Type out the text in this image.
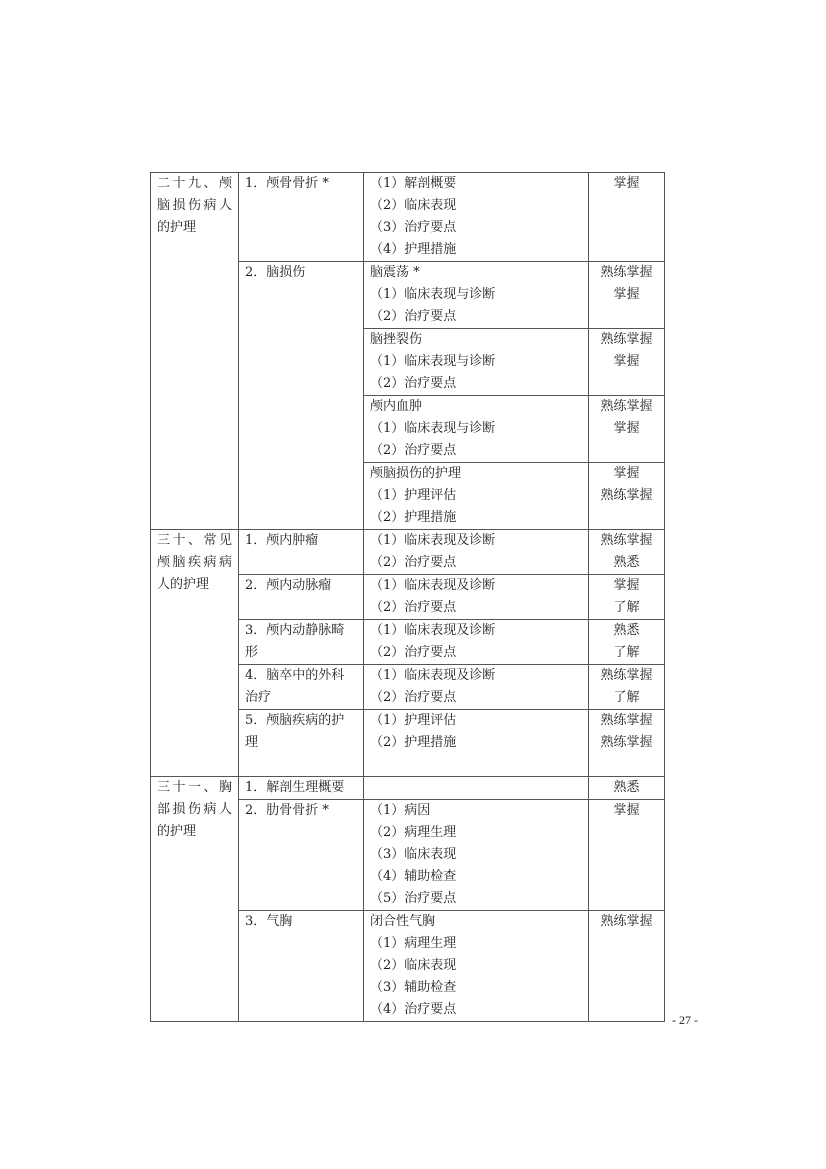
二十九、颅脑损伤病人的护理	1．颅骨骨折 *	（1）解剖概要
（2）临床表现
（3）治疗要点
（4）护理措施	掌握

	2．脑损伤	脑震荡 *
（1）临床表现与诊断
（2）治疗要点	熟练掌握
掌握

		脑挫裂伤
（1）临床表现与诊断
（2）治疗要点	熟练掌握
掌握

		颅内血肿
（1）临床表现与诊断
（2）治疗要点	熟练掌握
掌握

		颅脑损伤的护理
（1）护理评估
（2）护理措施	掌握
熟练掌握

三十、常见颅脑疾病病人的护理	1．颅内肿瘤	（1）临床表现及诊断
（2）治疗要点	熟练掌握
熟悉

	2．颅内动脉瘤	（1）临床表现及诊断
（2）治疗要点	掌握
了解

	3．颅内动静脉畸形	（1）临床表现及诊断
（2）治疗要点	熟悉
了解

	4．脑卒中的外科治疗	（1）临床表现及诊断
（2）治疗要点	熟练掌握
了解

	5．颅脑疾病的护理	（1）护理评估
（2）护理措施	熟练掌握
熟练掌握

三十一、胸部损伤病人的护理	1．解剖生理概要		熟悉

	2．肋骨骨折 *	（1）病因
（2）病理生理
（3）临床表现
（4）辅助检查
（5）治疗要点	掌握

	3．气胸	闭合性气胸
（1）病理生理
（2）临床表现
（3）辅助检查
（4）治疗要点	熟练掌握
- 27 -
